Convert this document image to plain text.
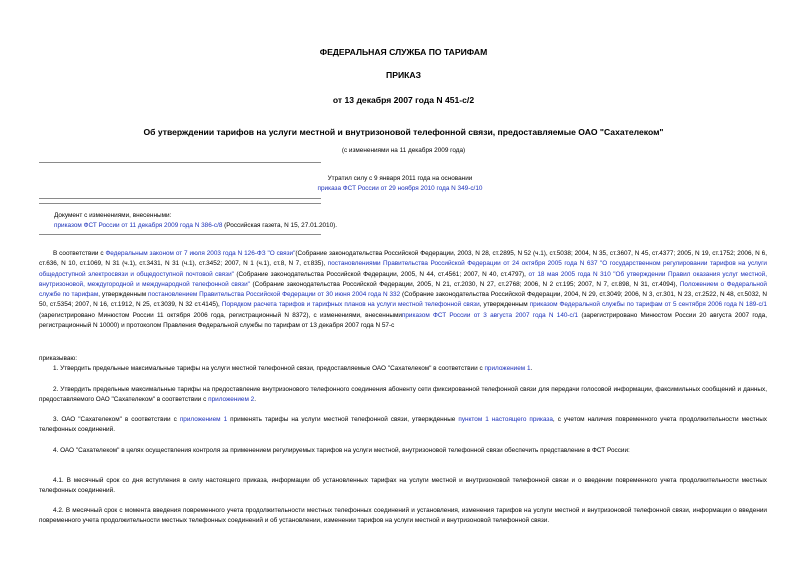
ФЕДЕРАЛЬНАЯ СЛУЖБА ПО ТАРИФАМ
ПРИКАЗ
от 13 декабря 2007 года N 451-с/2
Об утверждении тарифов на услуги местной и внутризоновой телефонной связи, предоставляемые ОАО "Сахателеком"
(с изменениями на 11 декабря 2009 года)
Утратил силу с 9 января 2011 года на основании
приказа ФСТ России от 29 ноября 2010 года N 349-с/10
Документ с изменениями, внесенными:
приказом ФСТ России от 11 декабря 2009 года N 386-с/8 (Российская газета, N 15, 27.01.2010).
В соответствии с Федеральным законом от 7 июля 2003 года N 126-ФЗ "О связи"(Собрание законодательства Российской Федерации, 2003, N 28, ст.2895, N 52 (ч.1), ст.5038; 2004, N 35, ст.3607, N 45, ст.4377; 2005, N 19, ст.1752; 2006, N 6, ст.636, N 10, ст.1069, N 31 (ч.1), ст.3431, N 31 (ч.1), ст.3452; 2007, N 1 (ч.1), ст.8, N 7, ст.835), постановлениями Правительства Российской Федерации от 24 октября 2005 года N 637 "О государственном регулировании тарифов на услуги общедоступной электросвязи и общедоступной почтовой связи" (Собрание законодательства Российской Федерации, 2005, N 44, ст.4561; 2007, N 40, ст.4797), от 18 мая 2005 года N 310 "Об утверждении Правил оказания услуг местной, внутризоновой, междугородной и международной телефонной связи" (Собрание законодательства Российской Федерации, 2005, N 21, ст.2030, N 27, ст.2768; 2006, N 2 ст.195; 2007, N 7, ст.898, N 31, ст.4094), Положением о Федеральной службе по тарифам, утвержденным постановлением Правительства Российской Федерации от 30 июня 2004 года N 332 (Собрание законодательства Российской Федерации, 2004, N 29, ст.3049; 2006, N 3, ст.301, N 23, ст.2522, N 48, ст.5032, N 50, ст.5354; 2007, N 16, ст.1912, N 25, ст.3039, N 32 ст.4145), Порядком расчета тарифов и тарифных планов на услуги местной телефонной связи, утвержденным приказом Федеральной службы по тарифам от 5 сентября 2006 года N 189-с/1 (зарегистрировано Минюстом России 11 октября 2006 года, регистрационный N 8372), с изменениями, внесеннымиприказом ФСТ России от 3 августа 2007 года N 140-с/1 (зарегистрировано Минюстом России 20 августа 2007 года, регистрационный N 10000) и протоколом Правления Федеральной службы по тарифам от 13 декабря 2007 года N 57-с
приказываю:
1. Утвердить предельные максимальные тарифы на услуги местной телефонной связи, предоставляемые ОАО "Сахателеком" в соответствии с приложением 1.
2. Утвердить предельные максимальные тарифы на предоставление внутризонового телефонного соединения абоненту сети фиксированной телефонной связи для передачи голосовой информации, факсимильных сообщений и данных, предоставляемого ОАО "Сахателеком" в соответствии с приложением 2.
3. ОАО "Сахателеком" в соответствии с приложением 1 применять тарифы на услуги местной телефонной связи, утвержденные пунктом 1 настоящего приказа, с учетом наличия повременного учета продолжительности местных телефонных соединений.
4. ОАО "Сахателеком" в целях осуществления контроля за применением регулируемых тарифов на услуги местной, внутризоновой телефонной связи обеспечить представление в ФСТ России:
4.1. В месячный срок со дня вступления в силу настоящего приказа, информации об установленных тарифах на услуги местной и внутризоновой телефонной связи и о введении повременного учета продолжительности местных телефонных соединений.
4.2. В месячный срок с момента введения повременного учета продолжительности местных телефонных соединений и установления, изменения тарифов на услуги местной и внутризоновой телефонной связи, информации о введении повременного учета продолжительности местных телефонных соединений и об установлении, изменении тарифов на услуги местной и внутризоновой телефонной связи.
